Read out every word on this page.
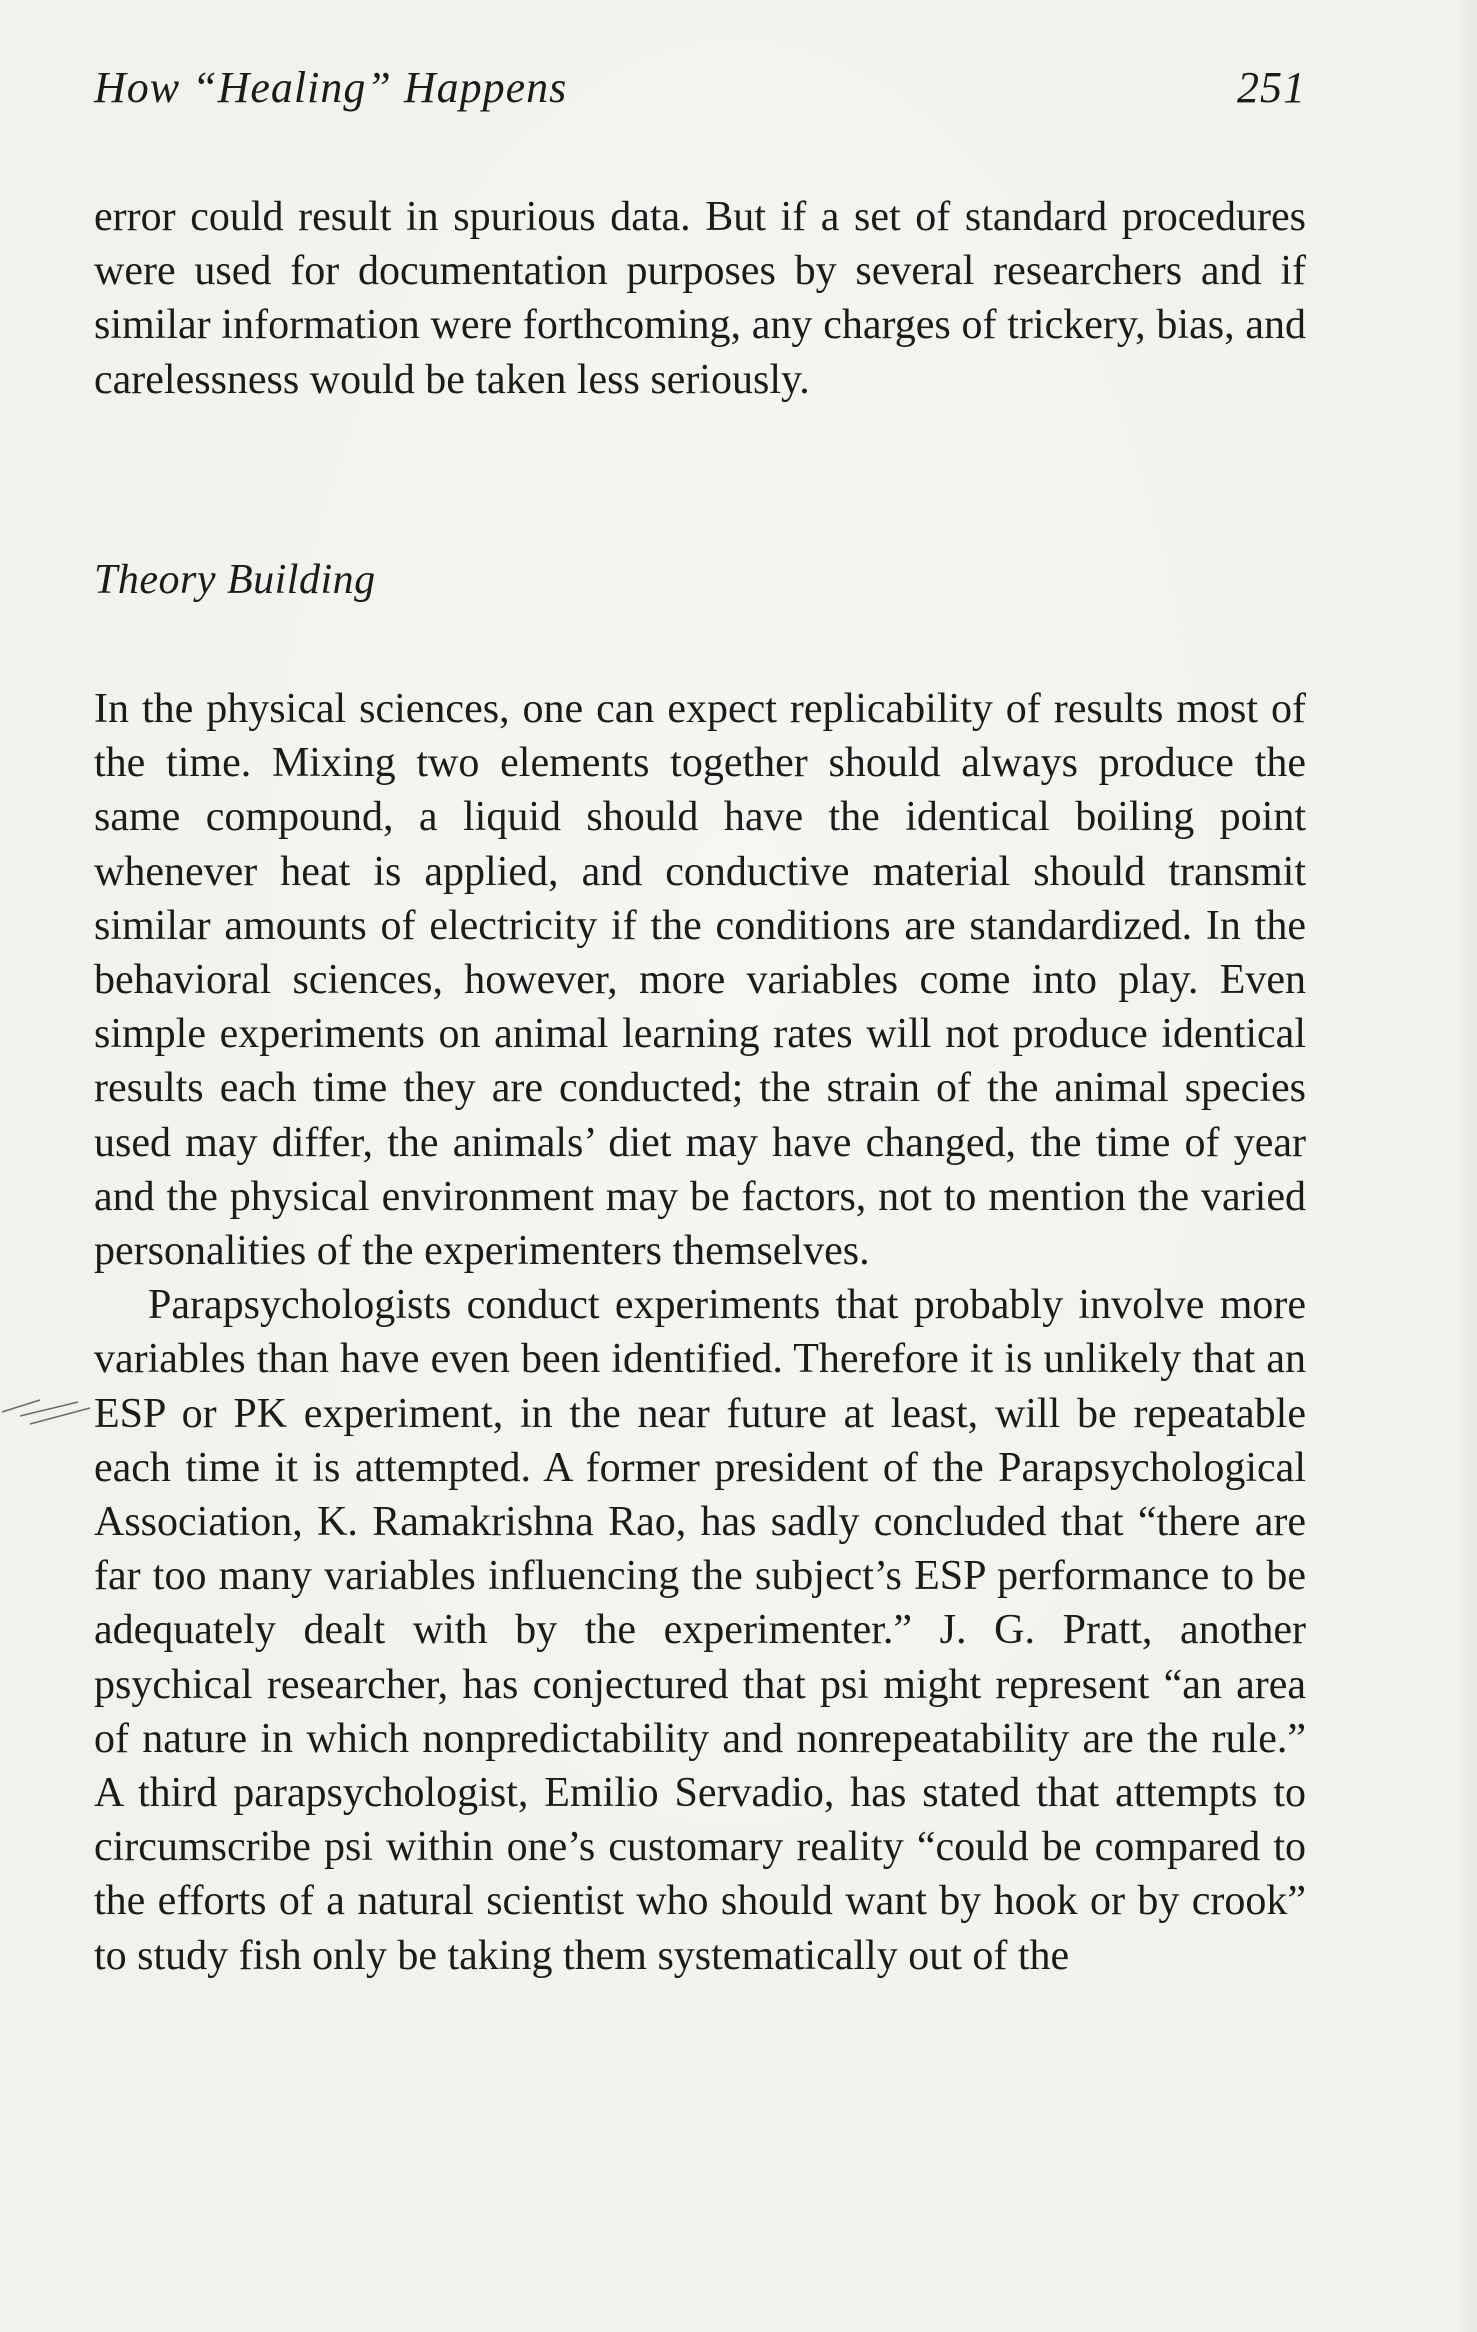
How “Healing” Happens	251

error could result in spurious data. But if a set of standard procedures were used for documentation purposes by several researchers and if similar information were forthcoming, any charges of trickery, bias, and carelessness would be taken less seriously.

Theory Building

In the physical sciences, one can expect replicability of results most of the time. Mixing two elements together should always produce the same compound, a liquid should have the identical boiling point whenever heat is applied, and conductive material should transmit similar amounts of electricity if the conditions are standardized. In the behavioral sciences, however, more variables come into play. Even simple experiments on animal learning rates will not produce identical results each time they are conducted; the strain of the animal species used may differ, the animals’ diet may have changed, the time of year and the physical environment may be factors, not to mention the varied personalities of the experimenters themselves.

Parapsychologists conduct experiments that probably involve more variables than have even been identified. Therefore it is unlikely that an ESP or PK experiment, in the near future at least, will be repeatable each time it is attempted. A former president of the Parapsychological Association, K. Ramakrishna Rao, has sadly concluded that “there are far too many variables influencing the subject’s ESP performance to be adequately dealt with by the experimenter.” J. G. Pratt, another psychical researcher, has conjectured that psi might represent “an area of nature in which nonpredictability and nonrepeatability are the rule.” A third parapsychologist, Emilio Servadio, has stated that attempts to circumscribe psi within one’s customary reality “could be compared to the efforts of a natural scientist who should want by hook or by crook” to study fish only be taking them systematically out of the
